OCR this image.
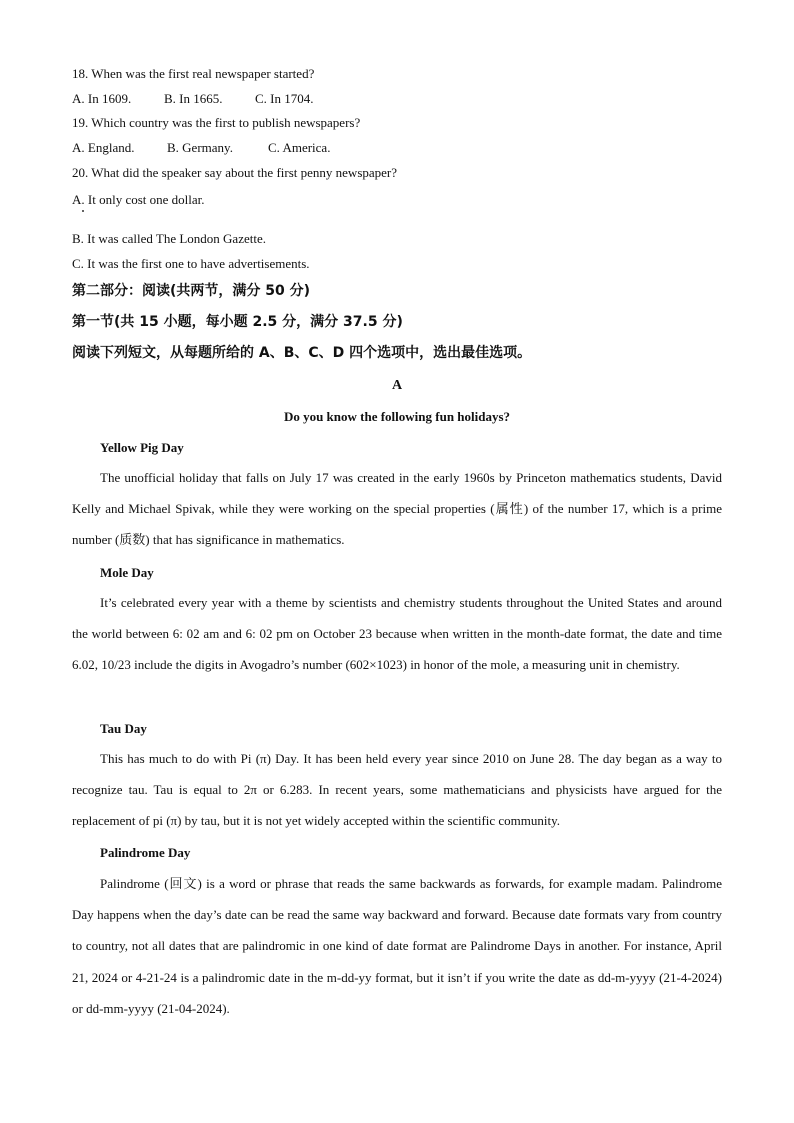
18. When was the first real newspaper started?
A. In 1609.	B. In 1665.	C. In 1704.
19. Which country was the first to publish newspapers?
A. England.	B. Germany.	C. America.
20. What did the speaker say about the first penny newspaper?
A. It only cost one dollar.
B. It was called The London Gazette.
C. It was the first one to have advertisements.
第二部分：阅读(共两节，满分 50 分)
第一节(共 15 小题，每小题 2.5 分，满分 37.5 分)
阅读下列短文，从每题所给的 A、B、C、D 四个选项中，选出最佳选项。
A
Do you know the following fun holidays?
Yellow Pig Day
The unofficial holiday that falls on July 17 was created in the early 1960s by Princeton mathematics students, David Kelly and Michael Spivak, while they were working on the special properties (属性) of the number 17, which is a prime number (质数) that has significance in mathematics.
Mole Day
It’s celebrated every year with a theme by scientists and chemistry students throughout the United States and around the world between 6: 02 am and 6: 02 pm on October 23 because when written in the month-date format, the date and time 6.02, 10/23 include the digits in Avogadro’s number (602×1023) in honor of the mole, a measuring unit in chemistry.
Tau Day
This has much to do with Pi (π) Day. It has been held every year since 2010 on June 28. The day began as a way to recognize tau. Tau is equal to 2π or 6.283. In recent years, some mathematicians and physicists have argued for the replacement of pi (π) by tau, but it is not yet widely accepted within the scientific community.
Palindrome Day
Palindrome (回文) is a word or phrase that reads the same backwards as forwards, for example madam. Palindrome Day happens when the day’s date can be read the same way backward and forward. Because date formats vary from country to country, not all dates that are palindromic in one kind of date format are Palindrome Days in another. For instance, April 21, 2024 or 4-21-24 is a palindromic date in the m-dd-yy format, but it isn’t if you write the date as dd-m-yyyy (21-4-2024) or dd-mm-yyyy (21-04-2024).
